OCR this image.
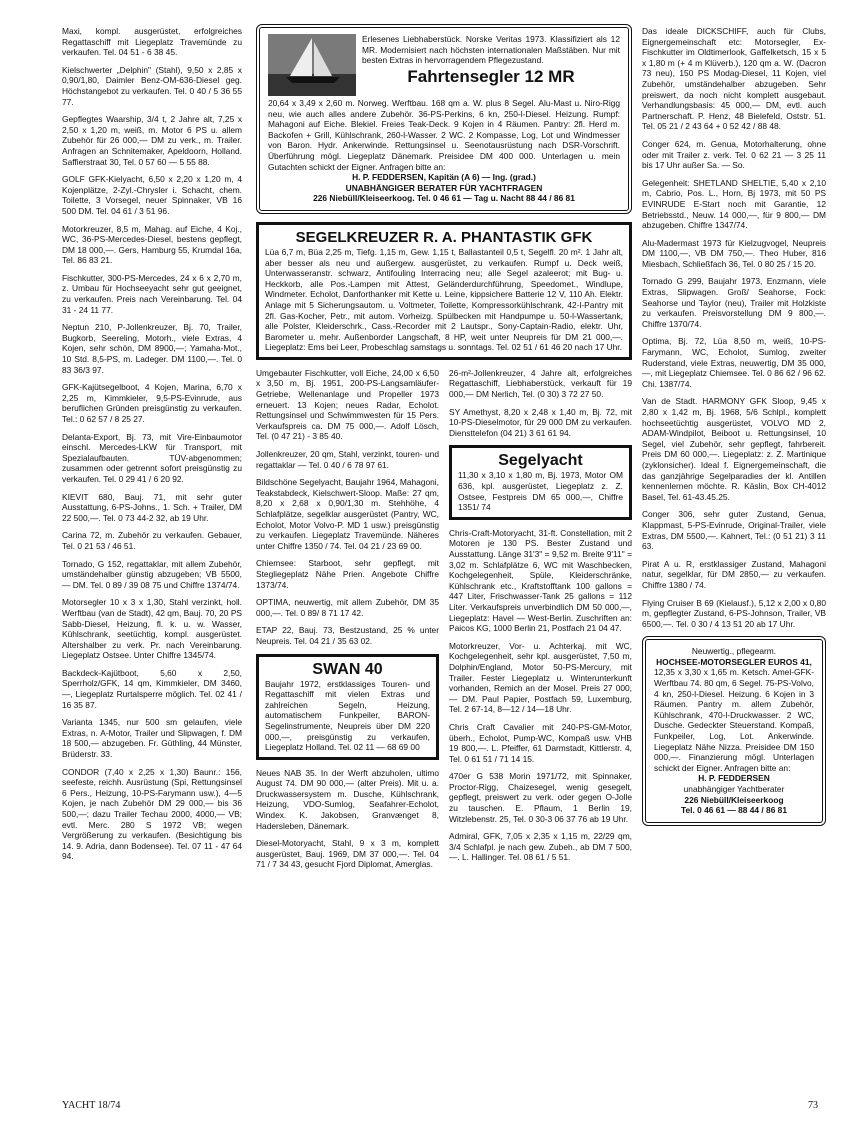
Maxi, kompl. ausgerüstet, erfolgreiches Regattaschiff mit Liegeplatz Travemünde zu verkaufen. Tel. 04 51 - 6 38 45.
Kielschwerter „Delphin" (Stahl), 9,50 x 2,85 x 0,90/1,80, Daimler Benz-OM-636-Diesel geg. Höchstangebot zu verkaufen. Tel. 0 40 / 5 36 55 77.
Gepflegtes Waarship, 3/4 t, 2 Jahre alt, 7,25 x 2,50 x 1,20 m, weiß, m. Motor 6 PS u. allem Zubehör für 26 000,— DM zu verk., m. Trailer. Anfragen an Schnitemaker, Apeldoorn, Holland. Saffierstraat 30, Tel. 0 57 60 — 5 55 88.
GOLF GFK-Kielyacht, 6,50 x 2,20 x 1,20 m, 4 Kojenplätze, 2-Zyl.-Chrysler i. Schacht, chem. Toilette, 3 Vorsegel, neuer Spinnaker, VB 16 500 DM. Tel. 04 61 / 3 51 96.
Motorkreuzer, 8,5 m, Mahag. auf Eiche, 4 Koj., WC, 36-PS-Mercedes-Diesel, bestens gepflegt, DM 18 000,—. Gers, Hamburg 55, Krumdal 16a, Tel. 86 83 21.
Fischkutter, 300-PS-Mercedes, 24 x 6 x 2,70 m, z. Umbau für Hochseeyacht sehr gut geeignet, zu verkaufen. Preis nach Vereinbarung. Tel. 04 31 - 24 11 77.
Neptun 210, P-Jollenkreuzer, Bj. 70, Trailer, Bugkorb, Seereling, Motorh., viele Extras, 4 Kojen, sehr schön, DM 8900,—; Yamaha-Mot., 10 Std. 8,5-PS, m. Ladeger. DM 1100,—. Tel. 0 83 36/3 97.
GFK-Kajütsegelboot, 4 Kojen, Marina, 6,70 x 2,25 m, Kimmkieler, 9,5-PS-Evinrude, aus beruflichen Gründen preisgünstig zu verkaufen. Tel.: 0 62 57 / 8 25 27.
Delanta-Export, Bj. 73, mit Vire-Einbaumotor einschl. Mercedes-LKW für Transport, mit Spezialaufbauten. TÜV-abgenommen; zusammen oder getrennt sofort preisgünstig zu verkaufen. Tel. 0 29 41 / 6 20 92.
KIEVIT 680, Bauj. 71, mit sehr guter Ausstattung, 6-PS-Johns., 1. Sch. + Trailer, DM 22 500,—. Tel. 0 73 44-2 32, ab 19 Uhr.
Carina 72, m. Zubehör zu verkaufen. Gebauer, Tel. 0 21 53 / 46 51.
Tornado, G 152, regattaklar, mit allem Zubehör, umständehalber günstig abzugeben; VB 5500,— DM. Tel. 0 89 / 39 08 75 und Chiffre 1374/74.
Motorsegler 10 x 3 x 1,30, Stahl verzinkt, holl. Werftbau (van de Stadt), 42 qm, Bauj. 70, 20 PS Sabb-Diesel, Heizung, fl. k. u. w. Wasser, Kühlschrank, seetüchtig, kompl. ausgerüstet. Altershalber zu verk. Pr. nach Vereinbarung. Liegeplatz Ostsee. Unter Chiffre 1345/74.
Backdeck-Kajütboot, 5,60 x 2,50, Sperrholz/GFK, 14 qm, Kimmkieler, DM 3460,—, Liegeplatz Rurtalsperre möglich. Tel. 02 41 / 16 35 87.
Varianta 1345, nur 500 sm gelaufen, viele Extras, n. A-Motor, Trailer und Slipwagen, f. DM 18 500,— abzugeben. Fr. Güthling, 44 Münster, Brüderstr. 33.
CONDOR (7,40 x 2,25 x 1,30) Baunr.: 156, seefeste, reichh. Ausrüstung (Spi, Rettungsinsel 6 Pers., Heizung, 10-PS-Farymann usw.), 4—5 Kojen, je nach Zubehör DM 29 000,— bis 36 500,—; dazu Trailer Techau 2000, 4000,— VB; evtl. Merc. 280 S 1972 VB; wegen Vergrößerung zu verkaufen. (Besichtigung bis 14. 9. Adria, dann Bodensee). Tel. 07 11 - 47 64 94.
Erlesenes Liebhaberstück. Norske Veritas 1973. Klassifiziert als 12 MR. Modernisiert nach höchsten internationalen Maßstäben. Nur mit besten Extras in hervorragendem Pflegezustand.
Fahrtensegler 12 MR
20,64 x 3,49 x 2,60 m. Norweg. Werftbau. 168 qm a. W. plus 8 Segel. Alu-Mast u. Niro-Rigg neu, wie auch alles andere Zubehör. 36-PS-Perkins, 6 kn, 250-l-Diesel. Heizung. Rumpf: Mahagoni auf Eiche. Blekiel. Freies Teak-Deck. 9 Kojen in 4 Räumen. Pantry: 2fl. Herd m. Backofen + Grill, Kühlschrank, 260-l-Wasser. 2 WC. 2 Kompasse, Log, Lot und Windmesser von Baron. Hydr. Ankerwinde. Rettungsinsel u. Seenotausrüstung nach DSR-Vorschrift. Überführung mögl. Liegeplatz Dänemark. Preisidee DM 400 000. Unterlagen u. mein Gutachten schickt der Eigner. Anfragen bitte an:
H. P. FEDDERSEN, Kapitän (A 6) — Ing. (grad.)
UNABHÄNGIGER BERATER FÜR YACHTFRAGEN
226 Niebüll/Kleiseerkoog. Tel. 0 46 61 — Tag u. Nacht 88 44 / 86 81
SEGELKREUZER R. A. PHANTASTIK GFK
Lüa 6,7 m, Büa 2,25 m, Tiefg. 1,15 m, Gew. 1,15 t, Ballastanteil 0,5 t, Segelfl. 20 m². 1 Jahr alt, aber besser als neu und außergew. ausgerüstet, zu verkaufen. Rumpf u. Deck weiß, Unterwasseranstr. schwarz, Antifouling Interracing neu; alle Segel azaleerot; mit Bug- u. Heckkorb, alle Pos.-Lampen mit Attest, Geländerdurchführung, Speedomet., Windlupe, Windmeter. Echolot, Danforthanker mit Kette u. Leine, kippsichere Batterie 12 V, 110 Ah. Elektr. Anlage mit 5 Sicherungsautom. u. Voltmeter, Toilette, Kompressorkühlschrank, 42-l-Pantry mit 2fl. Gas-Kocher, Petr., mit autom. Vorheizg. Spülbecken mit Handpumpe u. 50-l-Wassertank, alle Polster, Kleiderschrk., Cass.-Recorder mit 2 Lautspr., Sony-Captain-Radio, elektr. Uhr, Barometer u. mehr. Außenborder Langschaft, 8 HP, weit unter Neupreis für DM 21 000,—. Liegeplatz: Ems bei Leer, Probeschlag samstags u. sonntags. Tel. 02 51 / 61 46 20 nach 17 Uhr.
Umgebauter Fischkutter, voll Eiche, 24,00 x 6,50 x 3,50 m, Bj. 1951, 200-PS-Langsamläufer-Getriebe, Wellenanlage und Propeller 1973 erneuert. 13 Kojen; neues Radar, Echolot. Rettungsinsel und Schwimmwesten für 15 Pers. Verkaufspreis ca. DM 75 000,—. Adolf Lösch, Tel. (0 47 21) - 3 85 40.
Jollenkreuzer, 20 qm, Stahl, verzinkt, touren- und regattaklar — Tel. 0 40 / 6 78 97 61.
Bildschöne Segelyacht, Baujahr 1964, Mahagoni, Teakstabdeck, Kielschwert-Sloop. Maße: 27 qm, 8,20 x 2,68 x 0,90/1,30 m. Stehhöhe, 4 Schlafplätze, segelklar ausgerüstet (Pantry, WC, Echolot, Motor Volvo-P. MD 1 usw.) preisgünstig zu verkaufen. Liegeplatz Travemünde. Näheres unter Chiffre 1350 / 74. Tel. 04 21 / 23 69 00.
Chiemsee: Starboot, sehr gepflegt, mit Stegliegeplatz Nähe Prien. Angebote Chiffre 1373/74.
OPTIMA, neuwertig, mit allem Zubehör, DM 35 000,—. Tel. 0 89/ 8 71 17 42.
ETAP 22, Bauj. 73, Bestzustand, 25 % unter Neupreis. Tel. 04 21 / 35 63 02.
SWAN 40
Baujahr 1972, erstklassiges Touren- und Regattaschiff mit vielen Extras und zahlreichen Segeln, Heizung, automatischem Funkpeiler, BARON-Segelinstrumente, Neupreis über DM 220 000,—, preisgünstig zu verkaufen, Liegeplatz Holland. Tel. 02 11 — 68 69 00
Neues NAB 35. In der Werft abzuholen, ultimo August 74. DM 90 000,— (alter Preis). Mit u. a. Druckwassersystem m. Dusche, Kühlschrank, Heizung, VDO-Sumlog, Seafahrer-Echolot, Windex. K. Jakobsen, Granvænget 8, Hadersleben, Dänemark.
Diesel-Motoryacht, Stahl, 9 x 3 m, komplett ausgerüstet, Bauj. 1969, DM 37 000,—. Tel. 04 71 / 7 34 43, gesucht Fjord Diplomat, Amerglas.
26-m²-Jollenkreuzer, 4 Jahre alt, erfolgreiches Regattaschiff, Liebhaberstück, verkauft für 19 000,— DM Nerlich, Tel. (0 30) 3 72 27 50.
SY Amethyst, 8,20 x 2,48 x 1,40 m, Bj. 72, mit 10-PS-Dieselmotor, für 29 000 DM zu verkaufen. Diensttelefon (04 21) 3 61 61 94.
Segelyacht
11,30 x 3,10 x 1,80 m, Bj. 1973, Motor OM 636, kpl. ausgerüstet, Liegeplatz z. Z. Ostsee, Festpreis DM 65 000,—, Chiffre 1351/ 74
Chris-Craft-Motoryacht, 31-ft. Constellation, mit 2 Motoren je 130 PS. Bester Zustand und Ausstattung. Länge 31'3" = 9,52 m. Breite 9'11" = 3,02 m. Schlafplätze 6, WC mit Waschbecken, Kochgelegenheit, Spüle, Kleiderschränke, Kühlschrank etc., Kraftstofftank 100 gallons = 447 Liter, Frischwasser-Tank 25 gallons = 112 Liter. Verkaufspreis unverbindlich DM 50 000,—, Liegeplatz: Havel — West-Berlin. Zuschriften an: Paicos KG, 1000 Berlin 21, Postfach 21 04 47.
Motorkreuzer, Vor- u. Achterkaj. mit WC, Kochgelegenheit, sehr kpl. ausgerüstet, 7,50 m, Dolphin/England, Motor 50-PS-Mercury, mit Trailer. Fester Liegeplatz u. Winterunterkunft vorhanden, Remich an der Mosel. Preis 27 000,— DM. Paul Papier, Postfach 59, Luxemburg, Tel. 2 67-14, 8—12 / 14—18 Uhr.
Chris Craft Cavalier mit 240-PS-GM-Motor, überh., Echolot, Pump-WC, Kompaß usw. VHB 19 800,—. L. Pfeiffer, 61 Darmstadt, Kittlerstr. 4, Tel. 0 61 51 / 71 14 15.
470er G 538 Morin 1971/72, mit Spinnaker, Proctor-Rigg, Chaizesegel, wenig gesegelt, gepflegt, preiswert zu verk. oder gegen O-Jolle zu tauschen. E. Pflaum, 1 Berlin 19, Witzlebenstr. 25, Tel. 0 30-3 06 37 76 ab 19 Uhr.
Admiral, GFK, 7,05 x 2,35 x 1,15 m, 22/29 qm, 3/4 Schlafpl. je nach gew. Zubeh., ab DM 7 500,—. L. Hallinger. Tel. 08 61 / 5 51.
Das ideale DICKSCHIFF, auch für Clubs, Eignergemeinschaft etc: Motorsegler, Ex-Fischkutter im Oldtimerlook, Gaffelketsch, 15 x 5 x 1,80 m (+ 4 m Klüverb.), 120 qm a. W. (Dacron 73 neu), 150 PS Modag-Diesel, 11 Kojen, viel Zubehör, umständehalber abzugeben. Sehr preiswert, da noch nicht komplett ausgebaut. Verhandlungsbasis: 45 000,— DM, evtl. auch Partnerschaft. P. Henz, 48 Bielefeld, Oststr. 51. Tel. 05 21 / 2 43 64 + 0 52 42 / 88 48.
Conger 624, m. Genua, Motorhalterung, ohne oder mit Trailer z. verk. Tel. 0 62 21 — 3 25 11 bis 17 Uhr außer Sa. — So.
Gelegenheit: SHETLAND SHELTIE, 5,40 x 2,10 m, Cabrio, Pos. L., Horn, Bj 1973, mit 50 PS EVINRUDE E-Start noch mit Garantie, 12 Betriebsstd., Neuw. 14 000,—, für 9 800,— DM abzugeben. Chiffre 1347/74.
Alu-Madermast 1973 für Kielzugvogel, Neupreis DM 1100,—, VB DM 750,—. Theo Huber, 816 Miesbach, Schließfach 36, Tel. 0 80 25 / 15 20.
Tornado G 299, Baujahr 1973, Enzmann, viele Extras, Slipwagen. Groß/ Seahorse, Fock: Seahorse und Taylor (neu), Trailer mit Holzkiste zu verkaufen. Preisvorstellung DM 9 800,—. Chiffre 1370/74.
Optima, Bj. 72, Lüa 8,50 m, weiß, 10-PS-Farymann, WC, Echolot, Sumlog, zweiter Ruderstand, viele Extras, neuwertig, DM 35 000,—, mit Liegeplatz Chiemsee. Tel. 0 86 62 / 96 62. Chi. 1387/74.
Van de Stadt. HARMONY GFK Sloop, 9,45 x 2,80 x 1,42 m, Bj. 1968, 5/6 Schlpl., komplett hochseetüchtig ausgerüstet, VOLVO MD 2, ADAM-Windpilot, Beiboot u. Rettungsinsel, 10 Segel, viel Zubehör, sehr gepflegt, fahrbereit. Preis DM 60 000,—. Liegeplatz: z. Z. Martinique (zyklonsicher). Ideal f. Eignergemeinschaft, die das ganzjährige Segelparadies der kl. Antillen kennenlernen möchte. R. Käslin, Box CH-4012 Basel, Tel. 61-43.45.25.
Conger 306, sehr guter Zustand, Genua, Klappmast, 5-PS-Evinrude, Original-Trailer, viele Extras, DM 5500,—. Kahnert, Tel.: (0 51 21) 3 11 63.
Pirat A u. R, erstklassiger Zustand, Mahagoni natur, segelklar, für DM 2850,— zu verkaufen. Chiffre 1380 / 74.
Flying Cruiser B 69 (Kielausf.), 5,12 x 2,00 x 0,80 m, gepflegter Zustand, 6-PS-Johnson, Trailer, VB 6500,—. Tel. 0 30 / 4 13 51 20 ab 17 Uhr.
Neuwertig., pflegearm.
HOCHSEE-MOTORSEGLER EUROS 41,
12,35 x 3,30 x 1,65 m. Ketsch. Amel-GFK-Werftbau 74. 80 qm, 6 Segel. 75-PS-Volvo, 4 kn, 250-l-Diesel. Heizung. 6 Kojen in 3 Räumen. Pantry m. allem Zubehör, Kühlschrank, 470-l-Druckwasser. 2 WC, Dusche. Gedeckter Steuerstand. Kompaß, Funkpeiler, Log, Lot. Ankerwinde. Liegeplatz Nähe Nizza. Preisidee DM 150 000,—. Finanzierung mögl. Unterlagen schickt der Eigner. Anfragen bitte an:
H. P. FEDDERSEN
unabhängiger Yachtberater
226 Niebüll/Kleiseerkoog
Tel. 0 46 61 — 88 44 / 86 81
YACHT 18/74	73
